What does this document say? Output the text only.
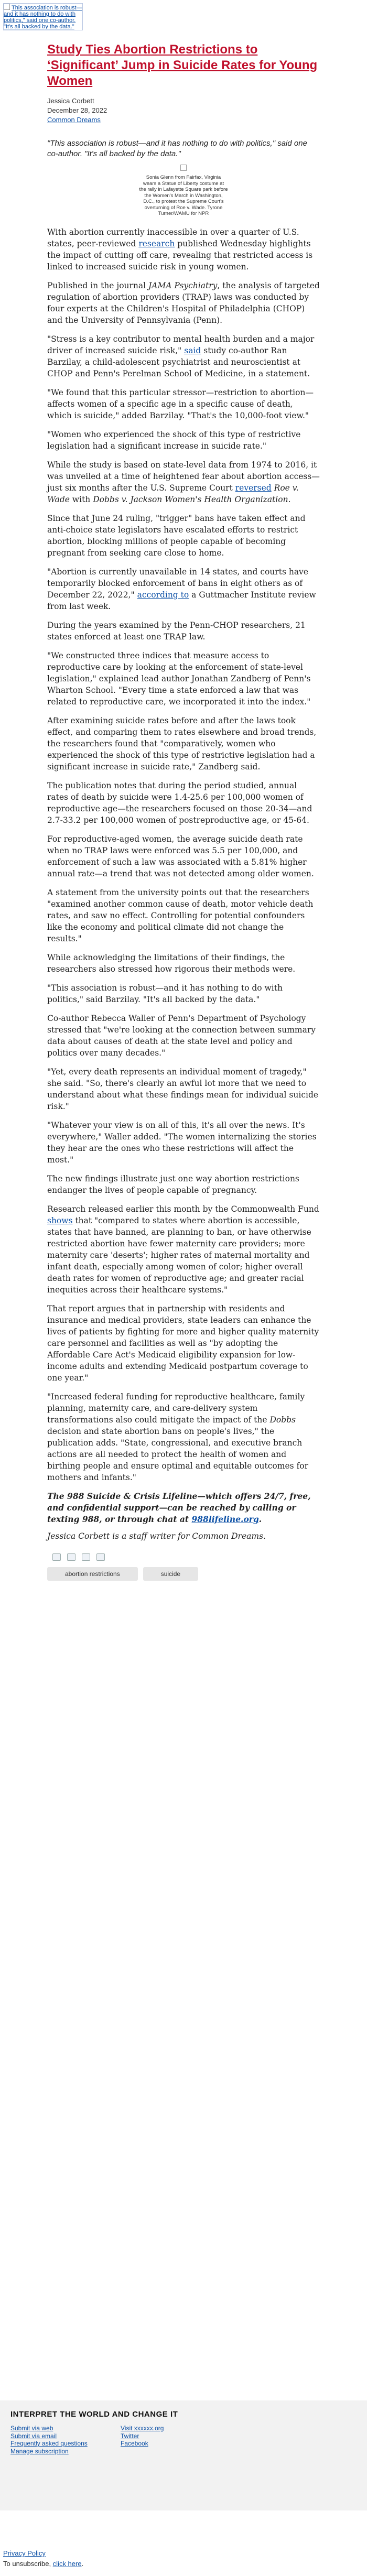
This association is robust—and it has nothing to do with politics," said one co-author. "It's all backed by the data."
Study Ties Abortion Restrictions to ‘Significant’ Jump in Suicide Rates for Young Women
Jessica Corbett
December 28, 2022
Common Dreams
"This association is robust—and it has nothing to do with politics," said one co-author. "It's all backed by the data."
Sonia Glenn from Fairfax, Virginia wears a Statue of Liberty costume at the rally in Lafayette Square park before the Women's March in Washington, D.C., to protest the Supreme Court's overturning of Roe v. Wade. Tyrone Turner/WAMU for NPR

With abortion currently inaccessible in over a quarter of U.S. states, peer-reviewed research published Wednesday highlights the impact of cutting off care, revealing that restricted access is linked to increased suicide risk in young women.

Published in the journal JAMA Psychiatry, the analysis of targeted regulation of abortion providers (TRAP) laws was conducted by four experts at the Children's Hospital of Philadelphia (CHOP) and the University of Pennsylvania (Penn).

"Stress is a key contributor to mental health burden and a major driver of increased suicide risk," said study co-author Ran Barzilay, a child-adolescent psychiatrist and neuroscientist at CHOP and Penn's Perelman School of Medicine, in a statement.

"We found that this particular stressor—restriction to abortion—affects women of a specific age in a specific cause of death, which is suicide," added Barzilay. "That's the 10,000-foot view."

"Women who experienced the shock of this type of restrictive legislation had a significant increase in suicide rate."

While the study is based on state-level data from 1974 to 2016, it was unveiled at a time of heightened fear about abortion access—just six months after the U.S. Supreme Court reversed Roe v. Wade with Dobbs v. Jackson Women's Health Organization.

Since that June 24 ruling, "trigger" bans have taken effect and anti-choice state legislators have escalated efforts to restrict abortion, blocking millions of people capable of becoming pregnant from seeking care close to home.

"Abortion is currently unavailable in 14 states, and courts have temporarily blocked enforcement of bans in eight others as of December 22, 2022," according to a Guttmacher Institute review from last week.

During the years examined by the Penn-CHOP researchers, 21 states enforced at least one TRAP law.

"We constructed three indices that measure access to reproductive care by looking at the enforcement of state-level legislation," explained lead author Jonathan Zandberg of Penn's Wharton School. "Every time a state enforced a law that was related to reproductive care, we incorporated it into the index."

After examining suicide rates before and after the laws took effect, and comparing them to rates elsewhere and broad trends, the researchers found that "comparatively, women who experienced the shock of this type of restrictive legislation had a significant increase in suicide rate," Zandberg said.

The publication notes that during the period studied, annual rates of death by suicide were 1.4-25.6 per 100,000 women of reproductive age—the researchers focused on those 20-34—and 2.7-33.2 per 100,000 women of postreproductive age, or 45-64.

For reproductive-aged women, the average suicide death rate when no TRAP laws were enforced was 5.5 per 100,000, and enforcement of such a law was associated with a 5.81% higher annual rate—a trend that was not detected among older women.

A statement from the university points out that the researchers "examined another common cause of death, motor vehicle death rates, and saw no effect. Controlling for potential confounders like the economy and political climate did not change the results."

While acknowledging the limitations of their findings, the researchers also stressed how rigorous their methods were.

"This association is robust—and it has nothing to do with politics," said Barzilay. "It's all backed by the data."

Co-author Rebecca Waller of Penn's Department of Psychology stressed that "we're looking at the connection between summary data about causes of death at the state level and policy and politics over many decades."

"Yet, every death represents an individual moment of tragedy," she said. "So, there's clearly an awful lot more that we need to understand about what these findings mean for individual suicide risk."

"Whatever your view is on all of this, it's all over the news. It's everywhere," Waller added. "The women internalizing the stories they hear are the ones who these restrictions will affect the most."

The new findings illustrate just one way abortion restrictions endanger the lives of people capable of pregnancy.

Research released earlier this month by the Commonwealth Fund shows that "compared to states where abortion is accessible, states that have banned, are planning to ban, or have otherwise restricted abortion have fewer maternity care providers; more maternity care 'deserts'; higher rates of maternal mortality and infant death, especially among women of color; higher overall death rates for women of reproductive age; and greater racial inequities across their healthcare systems."

That report argues that in partnership with residents and insurance and medical providers, state leaders can enhance the lives of patients by fighting for more and higher quality maternity care personnel and facilities as well as "by adopting the Affordable Care Act's Medicaid eligibility expansion for low-income adults and extending Medicaid postpartum coverage to one year."

"Increased federal funding for reproductive healthcare, family planning, maternity care, and care-delivery system transformations also could mitigate the impact of the Dobbs decision and state abortion bans on people's lives," the publication adds. "State, congressional, and executive branch actions are all needed to protect the health of women and birthing people and ensure optimal and equitable outcomes for mothers and infants."

The 988 Suicide & Crisis Lifeline—which offers 24/7, free, and confidential support—can be reached by calling or texting 988, or through chat at 988lifeline.org.

Jessica Corbett is a staff writer for Common Dreams.

abortion restrictions	suicide
INTERPRET THE WORLD AND CHANGE IT
Submit via web
Submit via email
Frequently asked questions
Manage subscription
Visit xxxxxx.org
Twitter
Facebook
Privacy Policy
To unsubscribe, click here.
